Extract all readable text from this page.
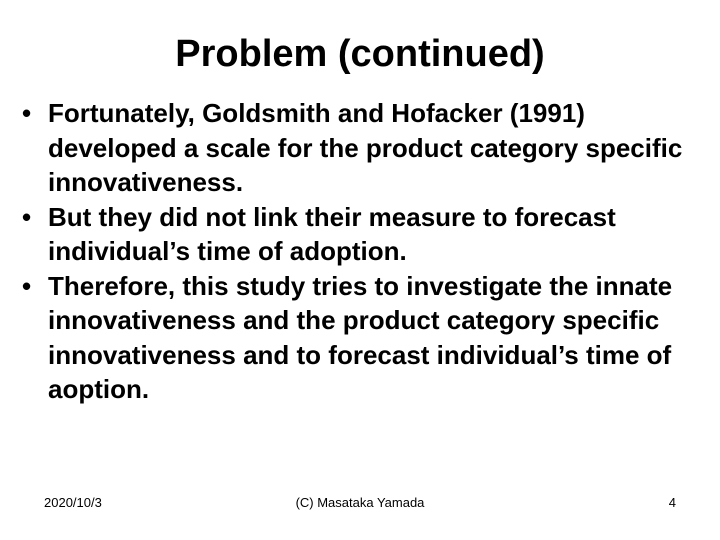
Problem (continued)
• Fortunately, Goldsmith and Hofacker (1991) developed a scale for the product category specific innovativeness.
• But they did not link their measure to forecast individual’s time of adoption.
• Therefore, this study tries to investigate the innate innovativeness and the product category specific innovativeness and to forecast individual’s time of aoption.
2020/10/3	(C) Masataka Yamada	4
